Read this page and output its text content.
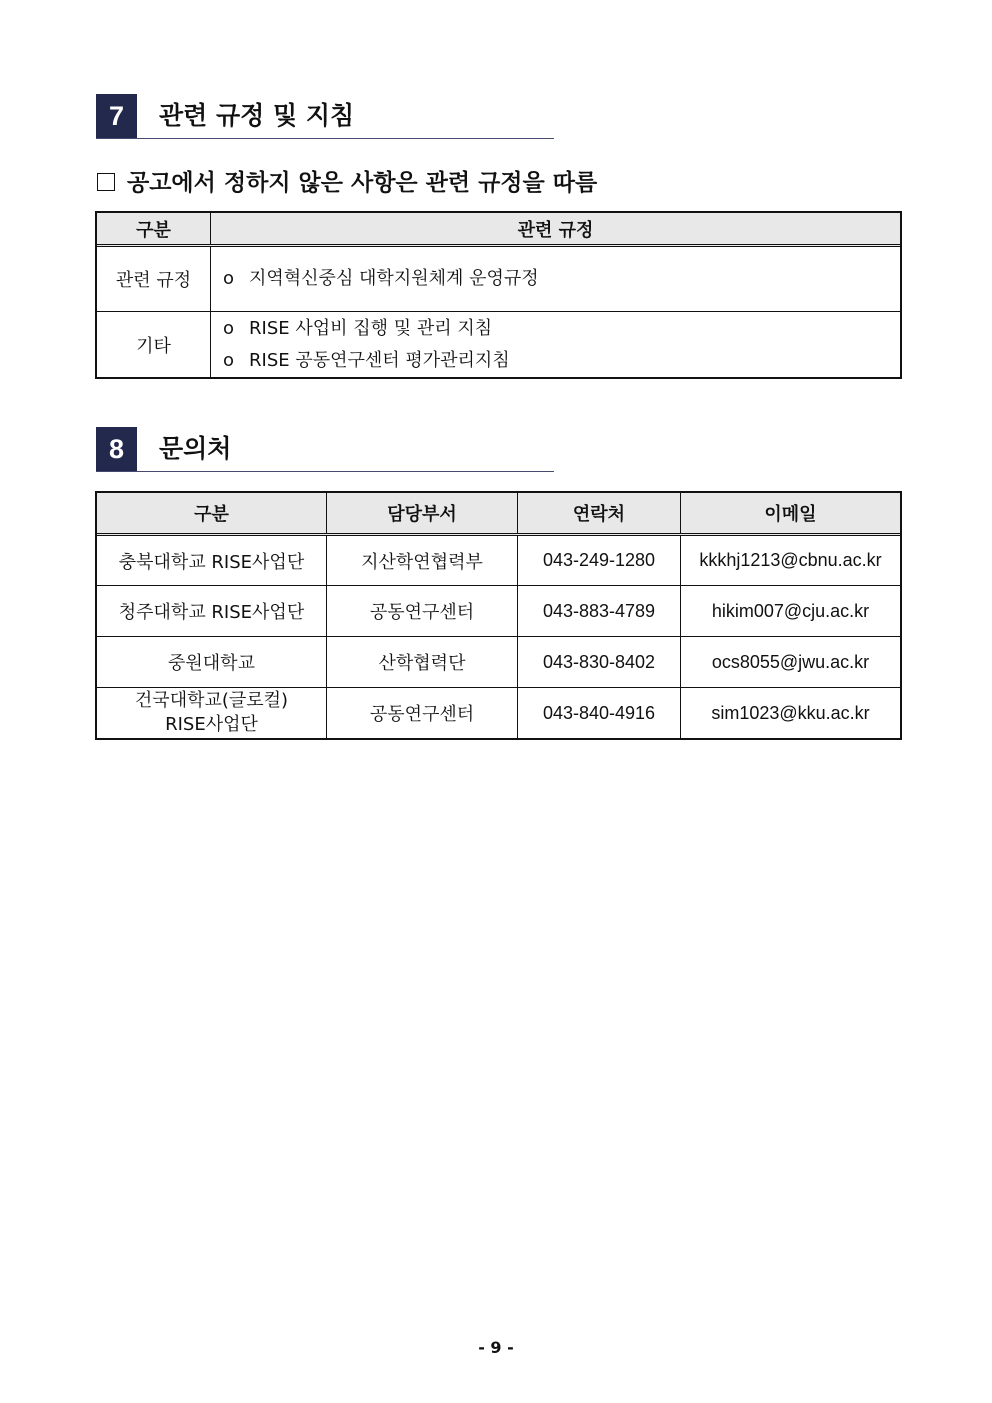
7	관련 규정 및 지침
공고에서 정하지 않은 사항은 관련 규정을 따름
구분	관련 규정
관련 규정	ο 지역혁신중심 대학지원체계 운영규정

기타	ο RISE 사업비 집행 및 관리 지침
ο RISE 공동연구센터 평가관리지침
8	문의처
구분	담당부서	연락처	이메일
충북대학교 RISE사업단	지산학연협력부	043-249-1280	kkkhj1213@cbnu.ac.kr
청주대학교 RISE사업단	공동연구센터	043-883-4789	hikim007@cju.ac.kr
중원대학교	산학협력단	043-830-8402	ocs8055@jwu.ac.kr

건국대학교(글로컬)
RISE사업단	공동연구센터	043-840-4916	sim1023@kku.ac.kr
- 9 -
